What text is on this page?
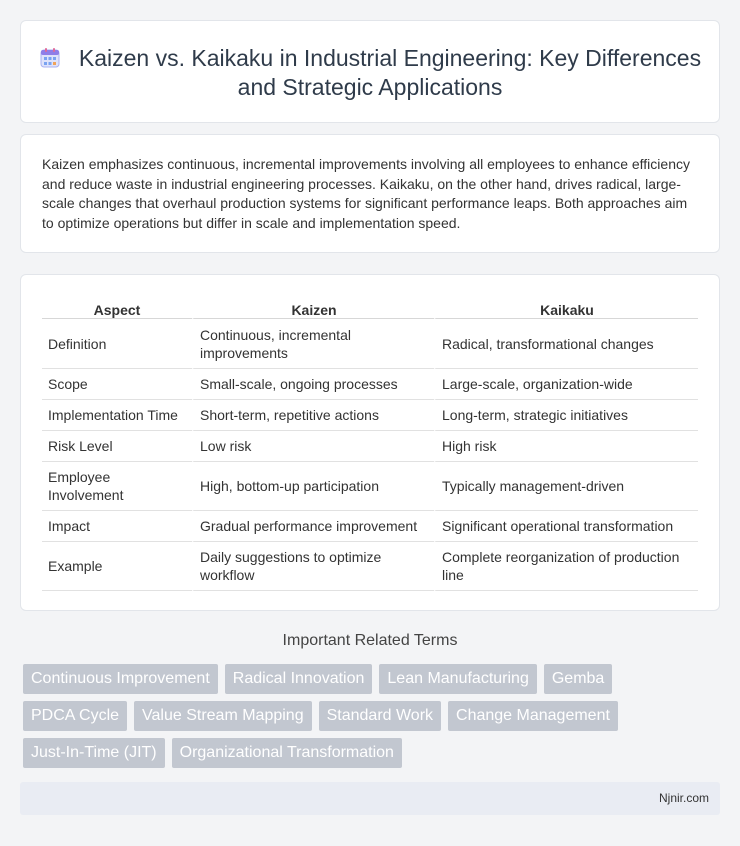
Kaizen vs. Kaikaku in Industrial Engineering: Key Differences and Strategic Applications

Kaizen emphasizes continuous, incremental improvements involving all employees to enhance efficiency and reduce waste in industrial engineering processes. Kaikaku, on the other hand, drives radical, large-scale changes that overhaul production systems for significant performance leaps. Both approaches aim to optimize operations but differ in scale and implementation speed.

Aspect	Kaizen	Kaikaku
Definition	Continuous, incremental improvements	Radical, transformational changes
Scope	Small-scale, ongoing processes	Large-scale, organization-wide
Implementation Time	Short-term, repetitive actions	Long-term, strategic initiatives
Risk Level	Low risk	High risk
Employee Involvement	High, bottom-up participation	Typically management-driven
Impact	Gradual performance improvement	Significant operational transformation
Example	Daily suggestions to optimize workflow	Complete reorganization of production line
Important Related Terms
Continuous Improvement	Radical Innovation	Lean Manufacturing	Gemba
PDCA Cycle	Value Stream Mapping	Standard Work	Change Management
Just-In-Time (JIT)	Organizational Transformation
Njnir.com
